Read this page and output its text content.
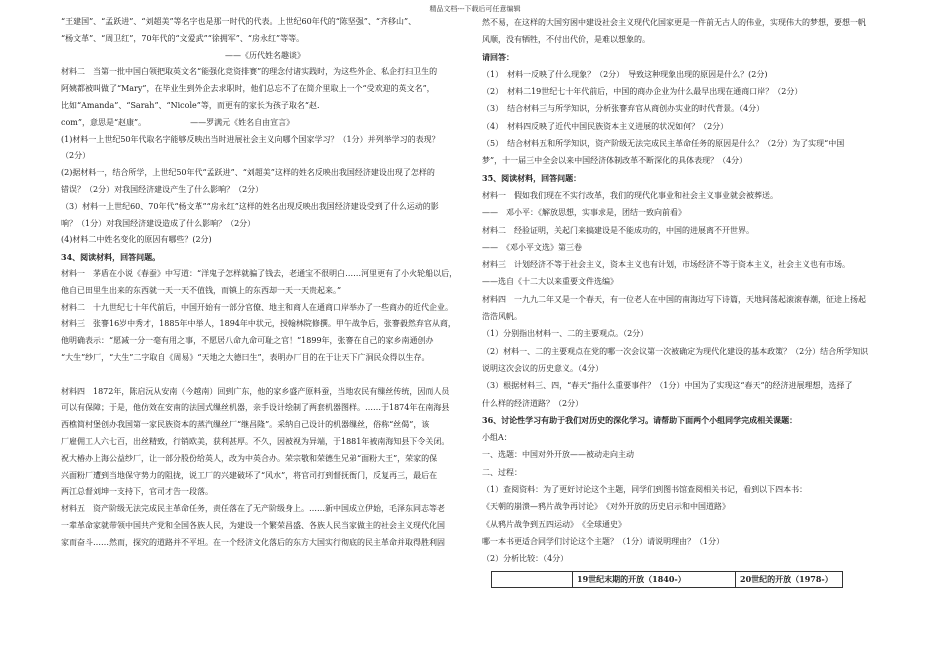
精品文档---下载后可任意编辑
“王建国”、“孟跃进”、“刘超美”等名字也是那一时代的代表。上世纪60年代的“陈坚强”、“齐移山”、
“杨文革”、“周卫红”，70年代的“文爱武”“徐拥军”、“房永红”等等。
——《历代姓名趣谈》
材料二　当第一批中国白领把取英文名“能强化竞资排赛”的理念付诸实践时，为这些外企、私企打扫卫生的
阿姨都被叫做了“Mary”，在毕业生到外企去求职时，他们总忘不了在简介里取上一个“受欢迎的英文名”，
比如“Amanda”、“Sarah”、“Nicole”等，而更有的家长为孩子取名“赵.
com”，意思是“赵康”。　　　　　　——罗满元《姓名自由宣言》
(1)材料一上世纪50年代取名字能够反映出当时进展社会主义向哪个国家学习？（1分）并列举学习的表现？
（2分）
(2)据材料一，结合所学，上世纪50年代“孟跃进”、“刘超美”这样的姓名反映出我国经济建设出现了怎样的
错误？（2分）对我国经济建设产生了什么影响？（2分）
（3）材料一上世纪60、70年代“杨文革”“房永红”这样的姓名出现反映出我国经济建设受到了什么运动的影
响？（1分）对我国经济建设造成了什么影响？（2分）
(4)材料二中姓名变化的原因有哪些？(2分)
34、阅读材料，回答问题。
材料一　茅盾在小说《春蚕》中写道：“洋鬼子怎样就骗了钱去，老通宝不很明白……河里更有了小火轮船以后，
他自已田里生出来的东西就一天一天不值钱，而镇上的东西却一天一天贵起来。”
材料二　十九世纪七十年代前后，中国开始有一部分官僚、地主和商人在通商口岸举办了一些商办的近代企业。
材料三　张謇16岁中秀才，1885年中举人，1894年中状元，授翰林院修撰。甲午战争后，张謇毅然弃官从商，
他明确表示：“愿减一分一毫有用之事，不愿居八命九命可耻之官！”1899年，张謇在自己的家乡南通创办
“大生”纱厂，“大生”二字取自《周易》“天地之大德曰生”，表明办厂目的在于让天下广洞民众得以生存。
材料四　1872年，陈启沅从安南（今越南）回到广东，他的家乡盛产原料蚕，当地农民有缫丝传统，因而人员
可以有保障；于是，他仿效在安南的法国式缫丝机器，亲手设计绘制了两套机器图样。……于1874年在南海县
西樵简村堡创办我国第一家民族资本的蒸汽缫丝厂“继昌隆”。采纳自己设计的机器缫丝，俗称“丝偈”，该
厂雇佣工人六七百，出丝精致，行销欧美，获利甚厚。不久，因被视为异端，于1881年被南海知县下令关闭。
祝大椿办上海公益纱厂，让一部分股份给英人，改为中英合办。荣宗敬和荣德生兄弟“面粉大王”，荣家的保
兴面粉厂遭到当地保守势力的阻拢，说工厂的兴建破坏了“风水”，将官司打到督抚衙门，反复再三，最后在
两江总督刘坤一支持下，官司才告一段落。
材料五　资产阶级无法完成民主革命任务，责任落在了无产阶级身上。……新中国成立伊始，毛泽东同志等老
一辈革命家就带领中国共产党和全国各族人民，为建设一个繁荣昌盛、各族人民当家做主的社会主义现代化国
家而奋斗……然而，探究的道路并不平坦。在一个经济文化落后的东方大国实行彻底的民主革命并取得胜利固
然不易，在这样的大国穷困中建设社会主义现代化国家更是一件前无古人的伟业，实现伟大的梦想，要想一帆
风顺，没有牺牲，不付出代价，是难以想象的。
请回答：
（1）　材料一反映了什么现象？（2分）　导致这种现象出现的原因是什么？(2分)
（2）　材料二19世纪七十年代前后，中国的商办企业为什么最早出现在通商口岸？（2分）
（3）　结合材料三与所学知识，分析张謇弃官从商创办实业的时代背景。（4分）
（4）　材料四反映了近代中国民族资本主义进展的状况如何？（2分）
（5）　结合材料五和所学知识，资产阶级无法完成民主革命任务的原因是什么？（2分）为了实现“中国
梦”，十一届三中全会以来中国经济体制改革不断深化的具体表现？（4分）
35、阅读材料，回答问题：
材料一　假如我们现在不实行改革，我们的现代化事业和社会主义事业就会被葬送。
——　邓小平：《解放思想，实事求是，团结一致向前看》
材料二　经验证明，关起门来搞建设是不能成功的，中国的进展离不开世界。
——　《邓小平文选》第三卷
材料三　计划经济不等于社会主义，资本主义也有计划，市场经济不等于资本主义，社会主义也有市场。
——选自《十二大以来重要文件选编》
材料四　一九九二年又是一个春天，有一位老人在中国的南海边写下诗篇，天地间荡起滚滚春潮，征途上扬起
浩浩风帆。
（1）分别指出材料一、二的主要观点。（2分）
（2）材料一、二的主要观点在党的哪一次会议第一次被确定为现代化建设的基本政策？（2分）结合所学知识
说明这次会议的历史意义。（4分）
（3）根据材料三、四，“春天”指什么重要事件？（1分）中国为了实现这“春天”的经济进展理想，选择了
什么样的经济道路？（2分）
36、讨论性学习有助于我们对历史的深化学习。请帮助下面两个小组同学完成相关课题：
小组A：
一、选题：中国对外开放——被动走向主动
二、过程：
（1）查阅资料：为了更好讨论这个主题，同学们到图书馆查阅相关书记，看到以下四本书：
《天朝的崩溃—鸦片战争再讨论》　《对外开放的历史启示和中国道路》
《从鸦片战争到五四运动》　《全球通史》
哪一本书更适合同学们讨论这个主题？（1分）请说明理由？（1分）
（2）分析比较：（4分）
	19世纪末期的开放（1840-）	20世纪的开放（1978-）
